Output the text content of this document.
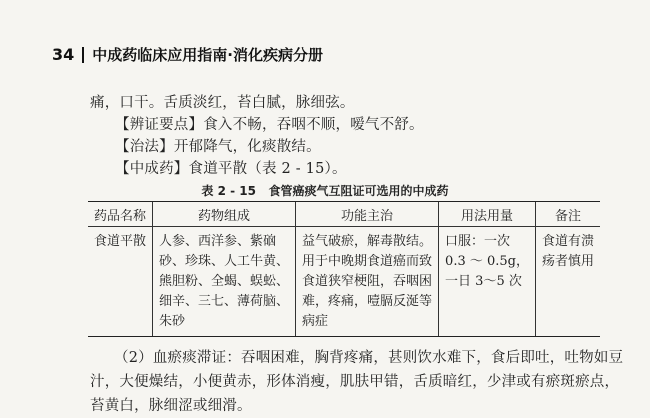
34 中成药临床应用指南·消化疾病分册
痛，口干。舌质淡红，苔白腻，脉细弦。
【辨证要点】食入不畅，吞咽不顺，嗳气不舒。
【治法】开郁降气，化痰散结。
【中成药】食道平散（表 2 - 15）。
表 2 - 15 食管癌痰气互阻证可选用的中成药
药品名称	药物组成	功能主治	用法用量	备注
食道平散	人参、西洋参、紫硇
砂、珍珠、人工牛黄、
熊胆粉、全蝎、蜈蚣、
细辛、三七、薄荷脑、
朱砂	益气破瘀，解毒散结。
用于中晚期食道癌而致
食道狭窄梗阻，吞咽困
难，疼痛，噎膈反涎等
病症	口服：一次
0.3 ～ 0.5g，
一日 3～5 次	食道有溃
疡者慎用
（2）血瘀痰滞证：吞咽困难，胸背疼痛，甚则饮水难下，食后即吐，吐物如豆
汁，大便燥结，小便黄赤，形体消瘦，肌肤甲错，舌质暗红，少津或有瘀斑瘀点，
苔黄白，脉细涩或细滑。
